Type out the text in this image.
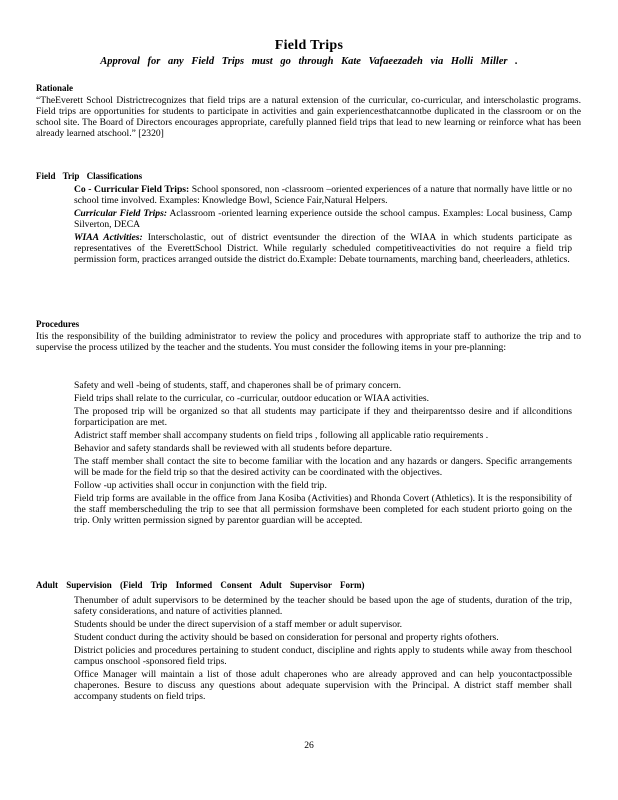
Field Trips
Approval for any Field Trips must go through Kate Vafaeezadeh via Holli Miller .
Rationale
“TheEverett School Districtrecognizes that field trips are a natural extension of the curricular, co-curricular, and interscholastic programs. Field trips are opportunities for students to participate in activities and gain experiencesthatcannotbe duplicated in the classroom or on the school site. The Board of Directors encourages appropriate, carefully planned field trips that lead to new learning or reinforce what has been already learned atschool.” [2320]
Field Trip Classifications
Co - Curricular Field Trips: School sponsored, non -classroom –oriented experiences of a nature that normally have little or no school time involved. Examples: Knowledge Bowl, Science Fair,Natural Helpers.
Curricular Field Trips: Aclassroom -oriented learning experience outside the school campus. Examples: Local business, Camp Silverton, DECA
WIAA Activities: Interscholastic, out of district eventsunder the direction of the WIAA in which students participate as representatives of the EverettSchool District. While regularly scheduled competitiveactivities do not require a field trip permission form, practices arranged outside the district do.Example: Debate tournaments, marching band, cheerleaders, athletics.
Procedures
Itis the responsibility of the building administrator to review the policy and procedures with appropriate staff to authorize the trip and to supervise the process utilized by the teacher and the students. You must consider the following items in your pre-planning:
Safety and well -being of students, staff, and chaperones shall be of primary concern.
Field trips shall relate to the curricular, co -curricular, outdoor education or WIAA activities.
The proposed trip will be organized so that all students may participate if they and theirparentsso desire and if allconditions forparticipation are met.
Adistrict staff member shall accompany students on field trips , following all applicable ratio requirements .
Behavior and safety standards shall be reviewed with all students before departure.
The staff member shall contact the site to become familiar with the location and any hazards or dangers. Specific arrangements will be made for the field trip so that the desired activity can be coordinated with the objectives.
Follow -up activities shall occur in conjunction with the field trip.
Field trip forms are available in the office from Jana Kosiba (Activities) and Rhonda Covert (Athletics). It is the responsibility of the staff memberscheduling the trip to see that all permission formshave been completed for each student priorto going on the trip. Only written permission signed by parentor guardian will be accepted.
Adult Supervision (Field Trip Informed Consent Adult Supervisor Form)
Thenumber of adult supervisors to be determined by the teacher should be based upon the age of students, duration of the trip, safety considerations, and nature of activities planned.
Students should be under the direct supervision of a staff member or adult supervisor.
Student conduct during the activity should be based on consideration for personal and property rights ofothers.
District policies and procedures pertaining to student conduct, discipline and rights apply to students while away from theschool campus onschool -sponsored field trips.
Office Manager will maintain a list of those adult chaperones who are already approved and can help youcontactpossible chaperones. Besure to discuss any questions about adequate supervision with the Principal. A district staff member shall accompany students on field trips.
26
